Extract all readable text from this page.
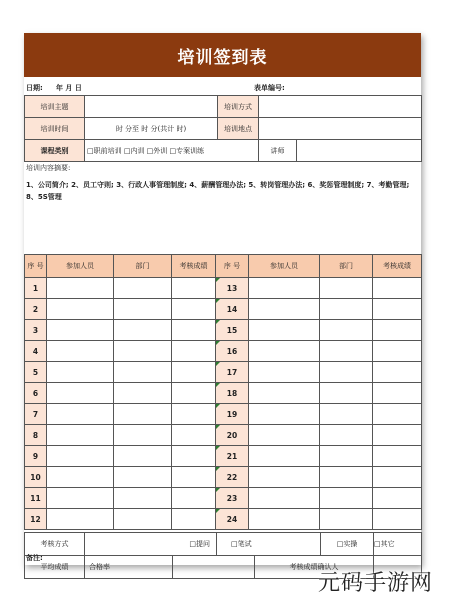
培训签到表
日期: 年 月 日	表单编号:
培训主题		培训方式		
培训时间	时 分至 时 分(共计 时)	培训地点		
课程类别	□职前培训 □内训 □外训 □专案训练		讲师	
培训内容摘要:
1、公司简介; 2、员工守则; 3、行政人事管理制度; 4、薪酬管理办法; 5、转岗管理办法; 6、奖惩管理制度; 7、考勤管理; 8、5S管理
序 号	参加人员	部门	考核成绩	序 号	参加人员	部门	考核成绩
1				13			
2				14			
3				15			
4				16			
5				17			
6				18			
7				19			
8				20			
9				21			
10				22			
11				23			
12				24			
考核方式	□提问		□笔试		□实操	□其它
平均成绩	合格率			考核成绩确认人		
备注:
元码手游网
